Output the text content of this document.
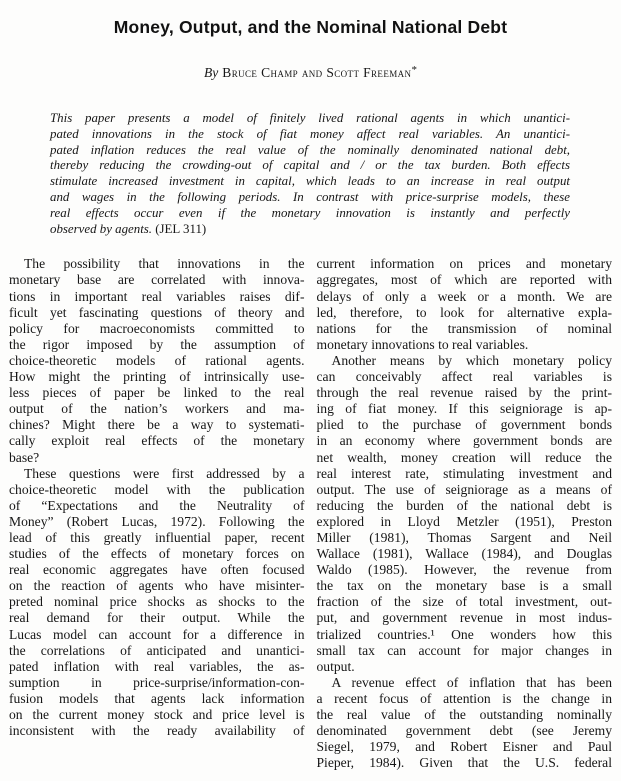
Money, Output, and the Nominal National Debt
By Bruce Champ and Scott Freeman*
This paper presents a model of finitely lived rational agents in which unantici-
pated innovations in the stock of fiat money affect real variables. An unantici-
pated inflation reduces the real value of the nominally denominated national debt,
thereby reducing the crowding-out of capital and / or the tax burden. Both effects
stimulate increased investment in capital, which leads to an increase in real output
and wages in the following periods. In contrast with price-surprise models, these
real effects occur even if the monetary innovation is instantly and perfectly
observed by agents. (JEL 311)
The possibility that innovations in the
monetary base are correlated with innova-
tions in important real variables raises dif-
ficult yet fascinating questions of theory and
policy for macroeconomists committed to
the rigor imposed by the assumption of
choice-theoretic models of rational agents.
How might the printing of intrinsically use-
less pieces of paper be linked to the real
output of the nation’s workers and ma-
chines? Might there be a way to systemati-
cally exploit real effects of the monetary
base?
These questions were first addressed by a
choice-theoretic model with the publication
of “Expectations and the Neutrality of
Money” (Robert Lucas, 1972). Following the
lead of this greatly influential paper, recent
studies of the effects of monetary forces on
real economic aggregates have often focused
on the reaction of agents who have misinter-
preted nominal price shocks as shocks to the
real demand for their output. While the
Lucas model can account for a difference in
the correlations of anticipated and unantici-
pated inflation with real variables, the as-
sumption in price-surprise/information-con-
fusion models that agents lack information
on the current money stock and price level is
inconsistent with the ready availability of
current information on prices and monetary
aggregates, most of which are reported with
delays of only a week or a month. We are
led, therefore, to look for alternative expla-
nations for the transmission of nominal
monetary innovations to real variables.
Another means by which monetary policy
can conceivably affect real variables is
through the real revenue raised by the print-
ing of fiat money. If this seigniorage is ap-
plied to the purchase of government bonds
in an economy where government bonds are
net wealth, money creation will reduce the
real interest rate, stimulating investment and
output. The use of seigniorage as a means of
reducing the burden of the national debt is
explored in Lloyd Metzler (1951), Preston
Miller (1981), Thomas Sargent and Neil
Wallace (1981), Wallace (1984), and Douglas
Waldo (1985). However, the revenue from
the tax on the monetary base is a small
fraction of the size of total investment, out-
put, and government revenue in most indus-
trialized countries.¹ One wonders how this
small tax can account for major changes in
output.
A revenue effect of inflation that has been
a recent focus of attention is the change in
the real value of the outstanding nominally
denominated government debt (see Jeremy
Siegel, 1979, and Robert Eisner and Paul
Pieper, 1984). Given that the U.S. federal
